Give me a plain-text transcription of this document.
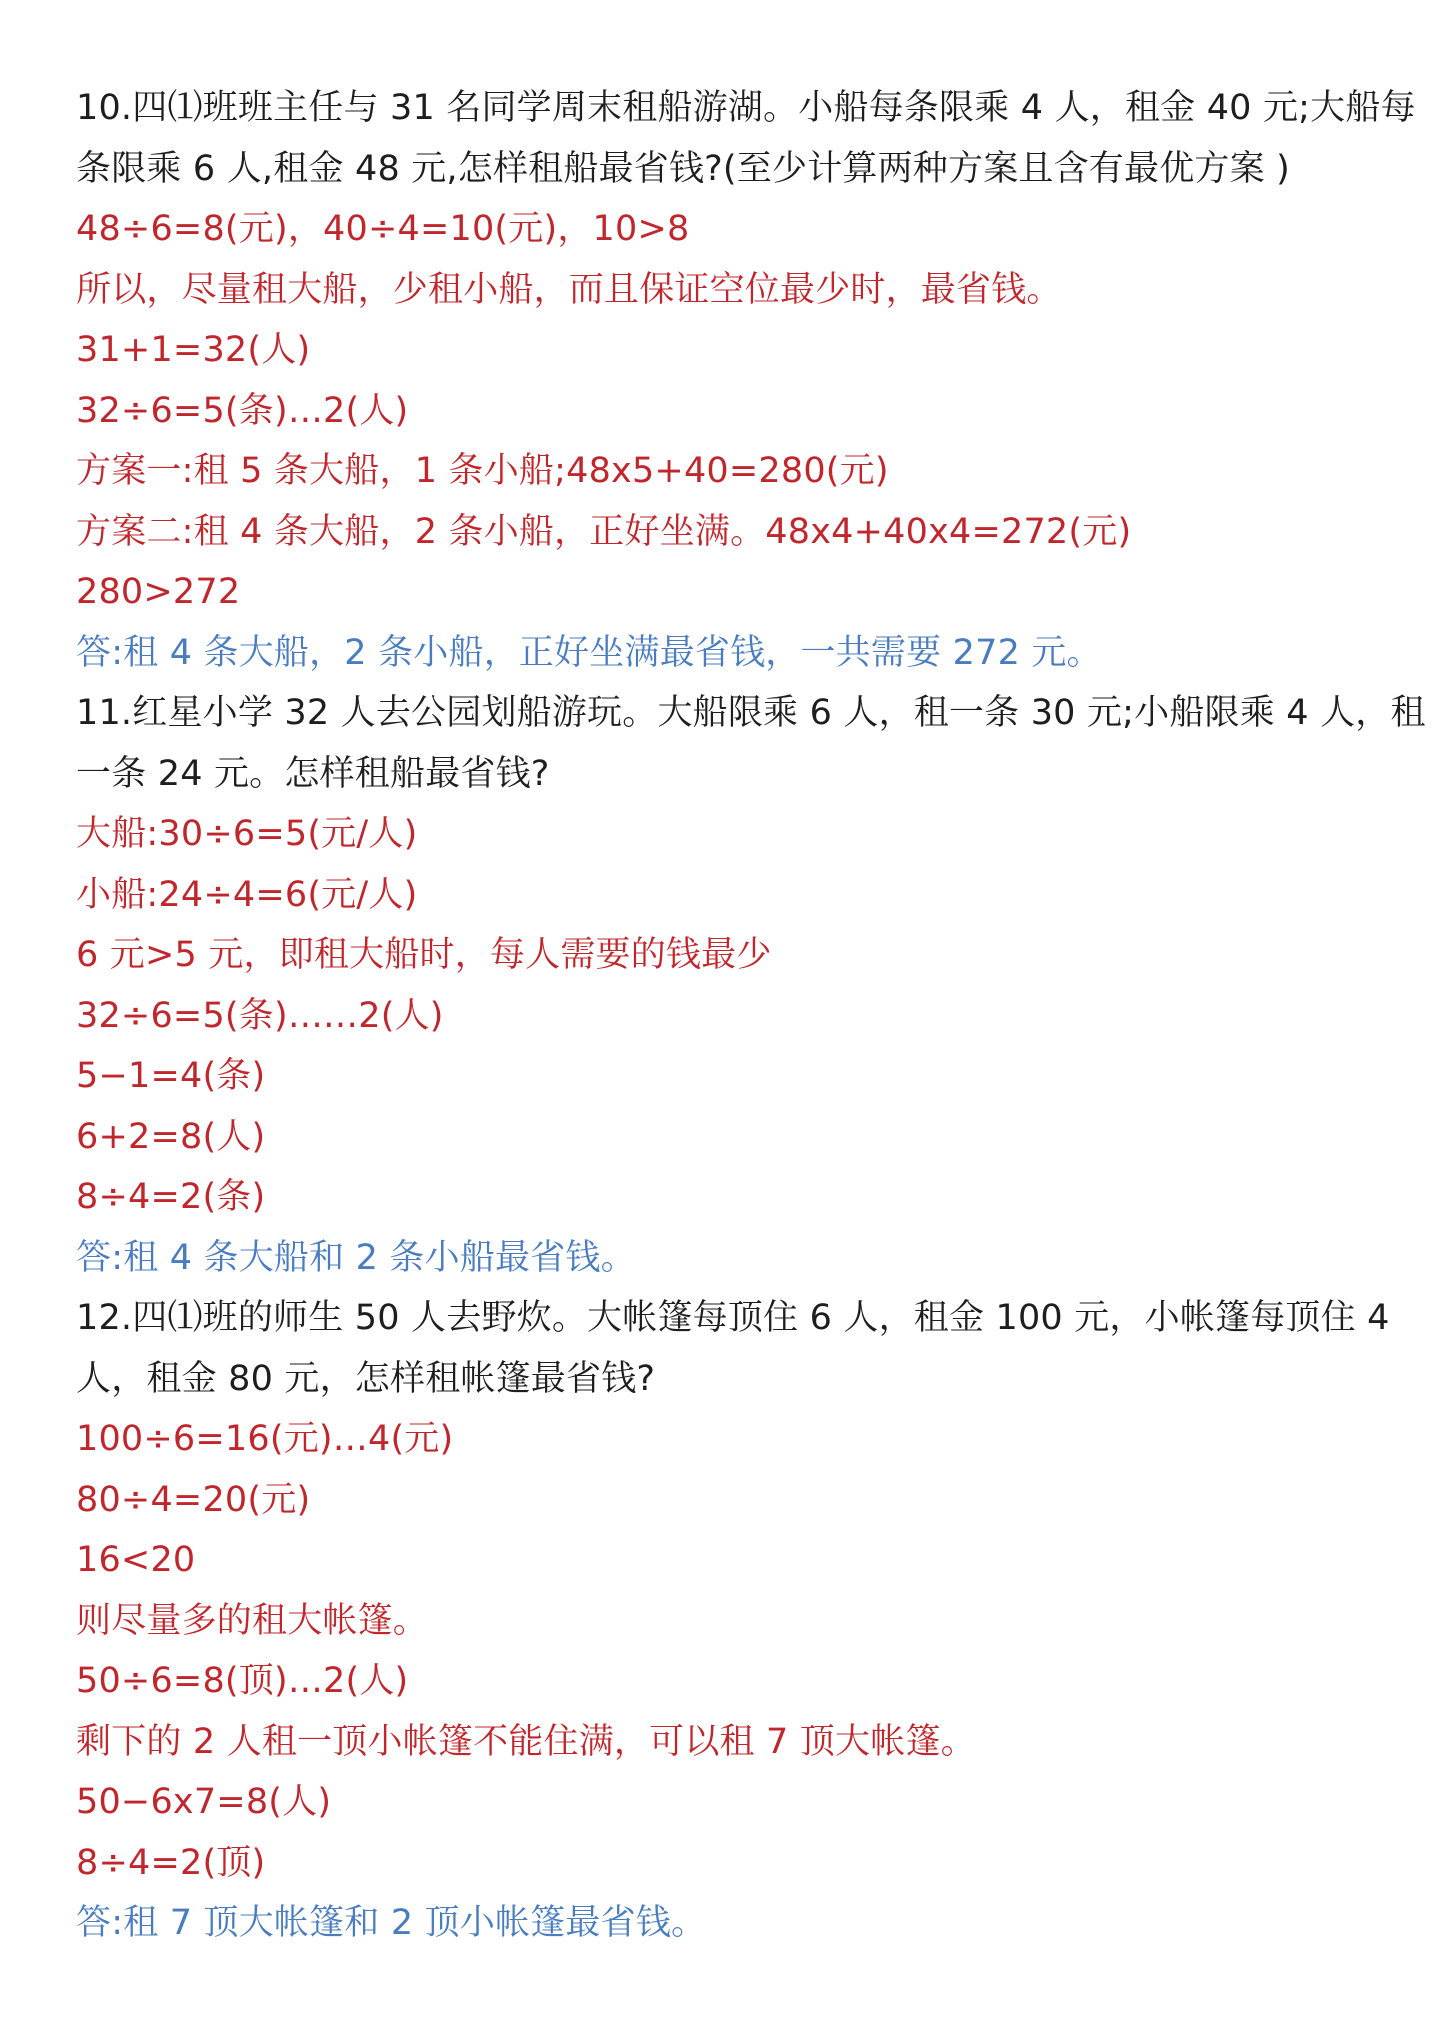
10.四⑴班班主任与 31 名同学周末租船游湖。小船每条限乘 4 人，租金 40 元;大船每

条限乘 6 人,租金 48 元,怎样租船最省钱?(至少计算两种方案且含有最优方案 )

48÷6=8(元)，40÷4=10(元)，10>8

所以，尽量租大船，少租小船，而且保证空位最少时，最省钱。

31+1=32(人)

32÷6=5(条)…2(人)

方案一:租 5 条大船，1 条小船;48x5+40=280(元)

方案二:租 4 条大船，2 条小船，正好坐满。48x4+40x4=272(元)

280>272

答:租 4 条大船，2 条小船，正好坐满最省钱，一共需要 272 元。

11.红星小学 32 人去公园划船游玩。大船限乘 6 人，租一条 30 元;小船限乘 4 人，租

一条 24 元。怎样租船最省钱?

大船:30÷6=5(元/人)

小船:24÷4=6(元/人)

6 元>5 元，即租大船时，每人需要的钱最少

32÷6=5(条)……2(人)

5−1=4(条)

6+2=8(人)

8÷4=2(条)

答:租 4 条大船和 2 条小船最省钱。

12.四⑴班的师生 50 人去野炊。大帐篷每顶住 6 人，租金 100 元，小帐篷每顶住 4

人，租金 80 元，怎样租帐篷最省钱?

100÷6=16(元)…4(元)

80÷4=20(元)

16<20

则尽量多的租大帐篷。

50÷6=8(顶)…2(人)

剩下的 2 人租一顶小帐篷不能住满，可以租 7 顶大帐篷。

50−6x7=8(人)

8÷4=2(顶)

答:租 7 顶大帐篷和 2 顶小帐篷最省钱。
